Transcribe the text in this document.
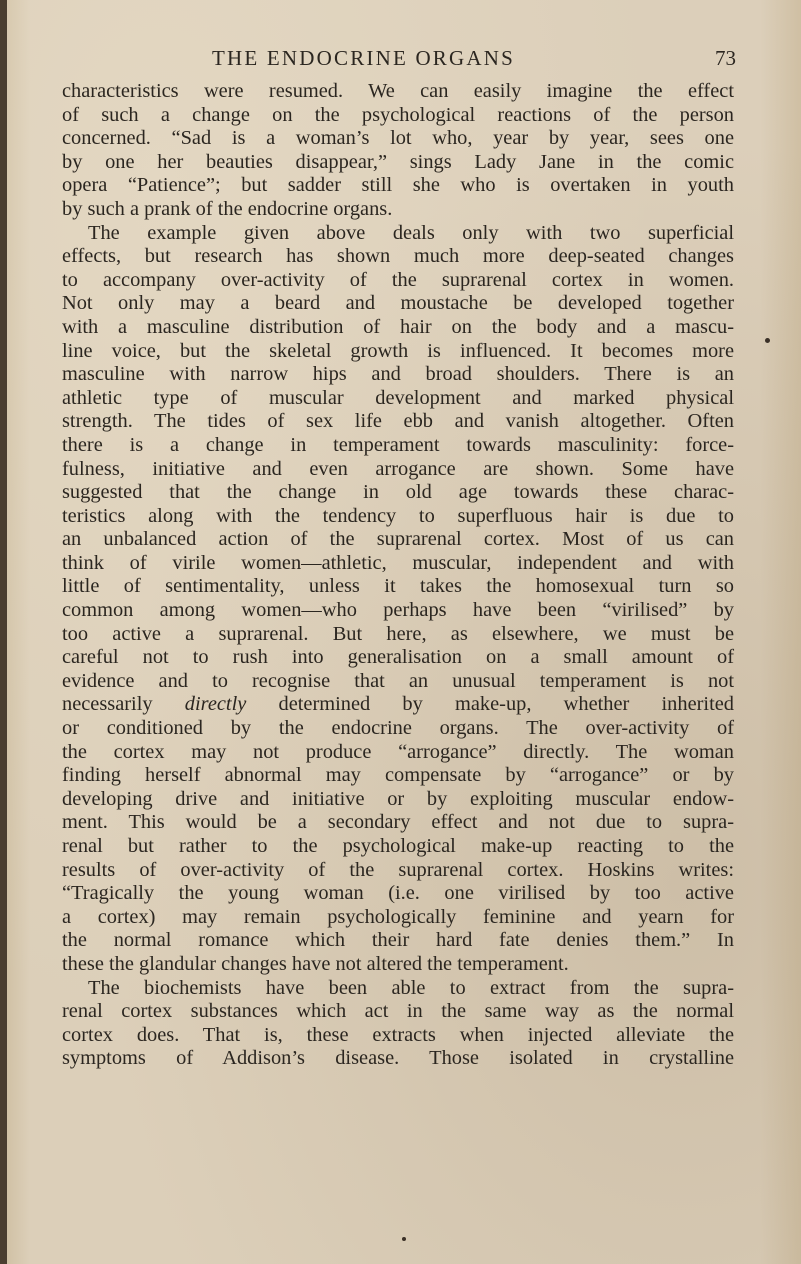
THE ENDOCRINE ORGANS	73
characteristics were resumed. We can easily imagine the effect
of such a change on the psychological reactions of the person
concerned. “Sad is a woman’s lot who, year by year, sees one
by one her beauties disappear,” sings Lady Jane in the comic
opera “Patience”; but sadder still she who is overtaken in youth
by such a prank of the endocrine organs.
The example given above deals only with two superficial
effects, but research has shown much more deep-seated changes
to accompany over-activity of the suprarenal cortex in women.
Not only may a beard and moustache be developed together
with a masculine distribution of hair on the body and a mascu-
line voice, but the skeletal growth is influenced. It becomes more
masculine with narrow hips and broad shoulders. There is an
athletic type of muscular development and marked physical
strength. The tides of sex life ebb and vanish altogether. Often
there is a change in temperament towards masculinity: force-
fulness, initiative and even arrogance are shown. Some have
suggested that the change in old age towards these charac-
teristics along with the tendency to superfluous hair is due to
an unbalanced action of the suprarenal cortex. Most of us can
think of virile women—athletic, muscular, independent and with
little of sentimentality, unless it takes the homosexual turn so
common among women—who perhaps have been “virilised” by
too active a suprarenal. But here, as elsewhere, we must be
careful not to rush into generalisation on a small amount of
evidence and to recognise that an unusual temperament is not
necessarily directly determined by make-up, whether inherited
or conditioned by the endocrine organs. The over-activity of
the cortex may not produce “arrogance” directly. The woman
finding herself abnormal may compensate by “arrogance” or by
developing drive and initiative or by exploiting muscular endow-
ment. This would be a secondary effect and not due to supra-
renal but rather to the psychological make-up reacting to the
results of over-activity of the suprarenal cortex. Hoskins writes:
“Tragically the young woman (i.e. one virilised by too active
a cortex) may remain psychologically feminine and yearn for
the normal romance which their hard fate denies them.” In
these the glandular changes have not altered the temperament.
The biochemists have been able to extract from the supra-
renal cortex substances which act in the same way as the normal
cortex does. That is, these extracts when injected alleviate the
symptoms of Addison’s disease. Those isolated in crystalline
